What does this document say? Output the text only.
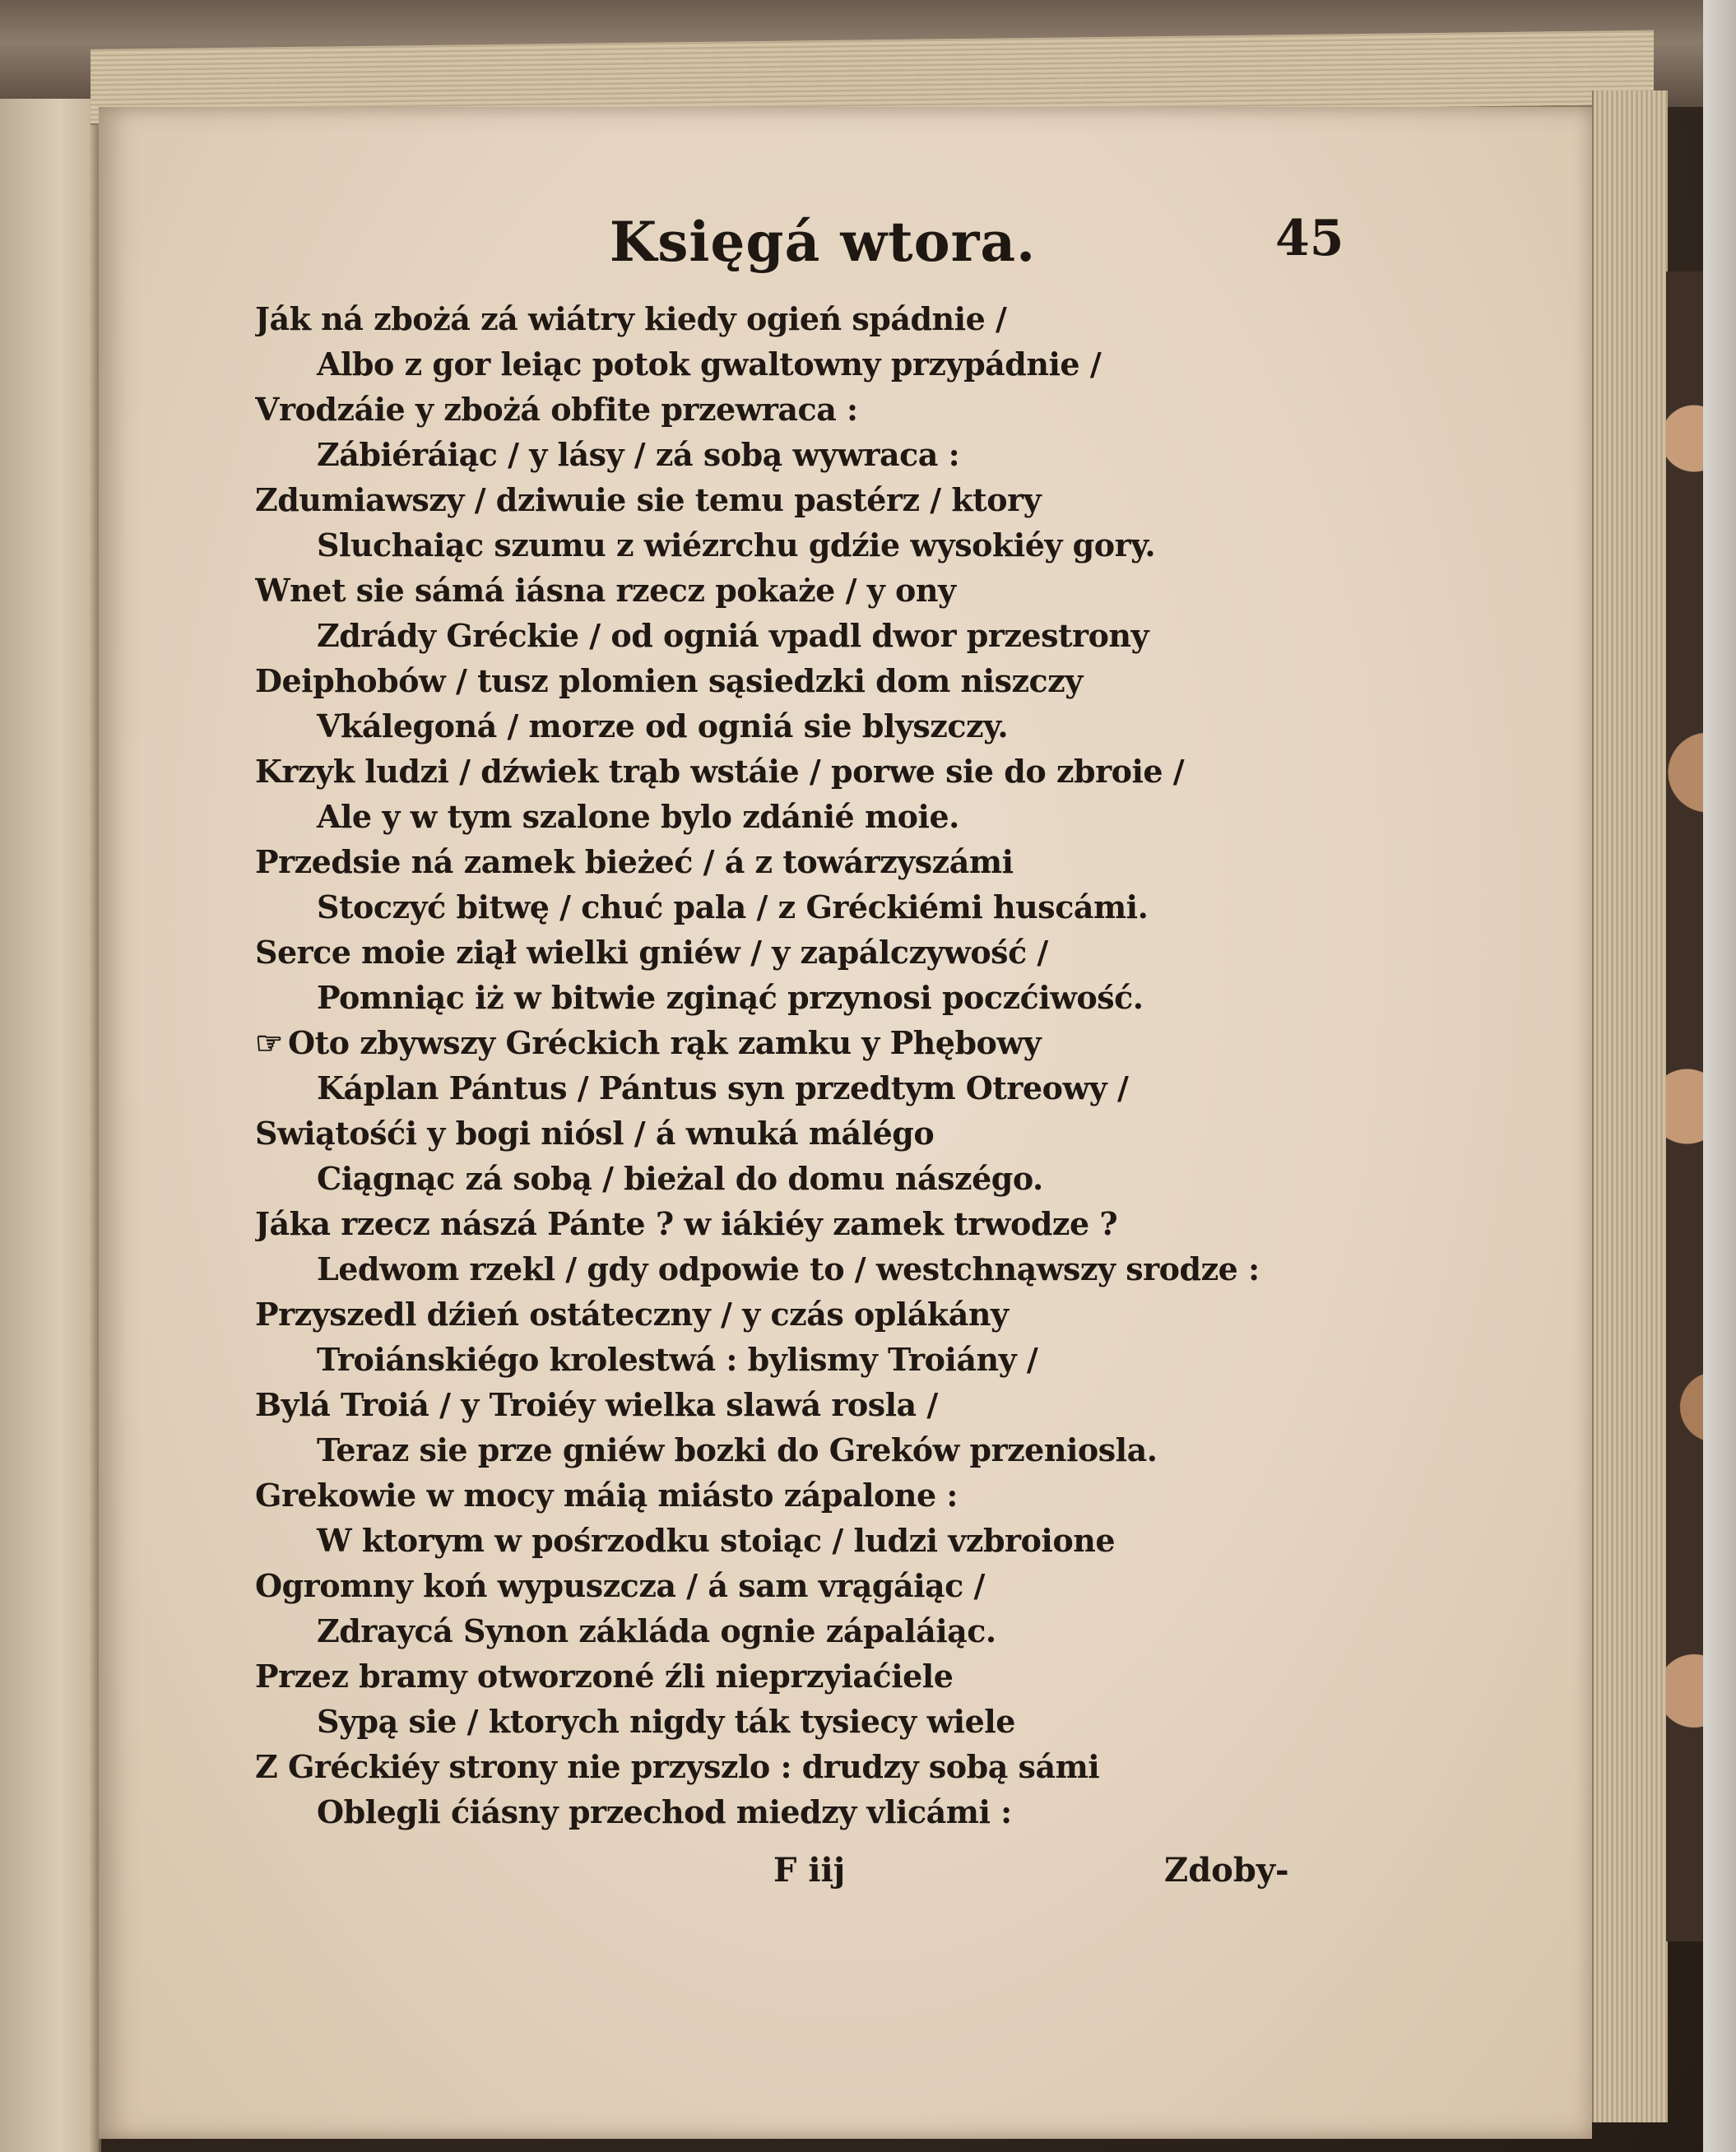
Księgá wtora.	45
Ják ná zbożá zá wiátry kiedy ogień spádnie /
Albo z gor leiąc potok gwaltowny przypádnie /
Vrodzáie y zbożá obfite przewraca :
Zábiéráiąc / y lásy / zá sobą wywraca :
Zdumiawszy / dziwuie sie temu pastérz / ktory
Sluchaiąc szumu z wiézrchu gdźie wysokiéy gory.
Wnet sie sámá iásna rzecz pokaże / y ony
Zdrády Gréckie / od ogniá vpadl dwor przestrony
Deiphobów / tusz plomien sąsiedzki dom niszczy
Vkálegoná / morze od ogniá sie blyszczy.
Krzyk ludzi / dźwiek trąb wstáie / porwe sie do zbroie /
Ale y w tym szalone bylo zdánié moie.
Przedsie ná zamek bieżeć / á z towárzyszámi
Stoczyć bitwę / chuć pala / z Gréckiémi huscámi.
Serce moie ziął wielki gniéw / y zapálczywość /
Pomniąc iż w bitwie zginąć przynosi poczćiwość.
☞ Oto zbywszy Gréckich rąk zamku y Phębowy
Káplan Pántus / Pántus syn przedtym Otreowy /
Swiątośći y bogi niósl / á wnuká málégo
Ciągnąc zá sobą / bieżal do domu nászégo.
Jáka rzecz nászá Pánte ? w iákiéy zamek trwodze ?
Ledwom rzekl / gdy odpowie to / westchnąwszy srodze :
Przyszedl dźień ostáteczny / y czás oplákány
Troiánskiégo krolestwá : bylismy Troiány /
Bylá Troiá / y Troiéy wielka slawá rosla /
Teraz sie prze gniéw bozki do Greków przeniosla.
Grekowie w mocy máią miásto zápalone :
W ktorym w pośrzodku stoiąc / ludzi vzbroione
Ogromny koń wypuszcza / á sam vrągáiąc /
Zdraycá Synon zákláda ognie zápaláiąc.
Przez bramy otworzoné źli nieprzyiaćiele
Sypą sie / ktorych nigdy ták tysiecy wiele
Z Gréckiéy strony nie przyszlo : drudzy sobą sámi
Oblegli ćiásny przechod miedzy vlicámi :
F iij	Zdoby-
